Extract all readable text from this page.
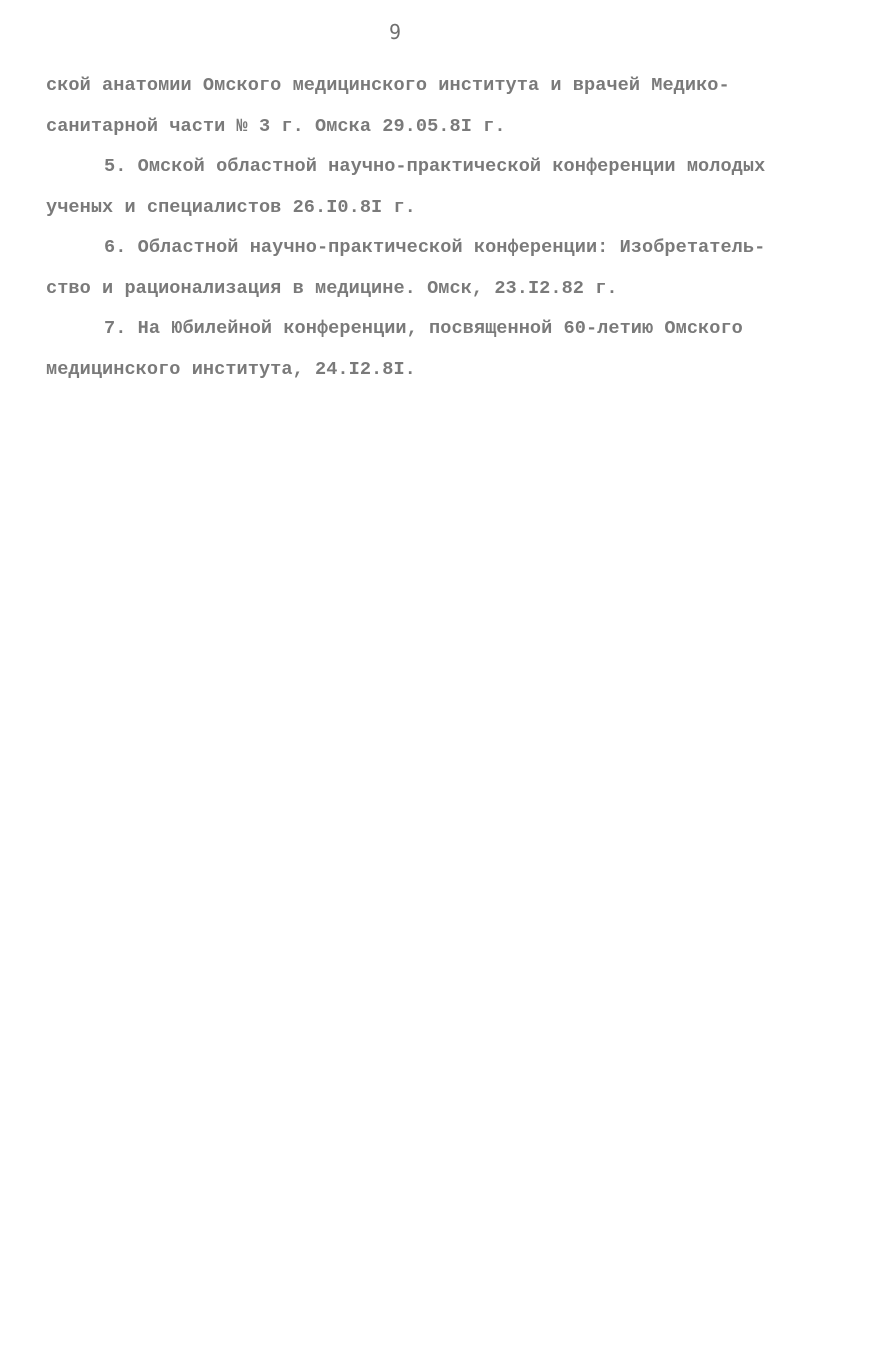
9
ской анатомии Омского медицинского института и врачей Медико-
санитарной части № 3 г. Омска 29.05.8I г.
5. Омской областной научно-практической конференции молодых
ученых и специалистов 26.I0.8I г.
6. Областной научно-практической конференции: Изобретатель-
ство и рационализация в медицине. Омск, 23.I2.82 г.
7. На Юбилейной конференции, посвященной 60-летию Омского
медицинского института, 24.I2.8I.
